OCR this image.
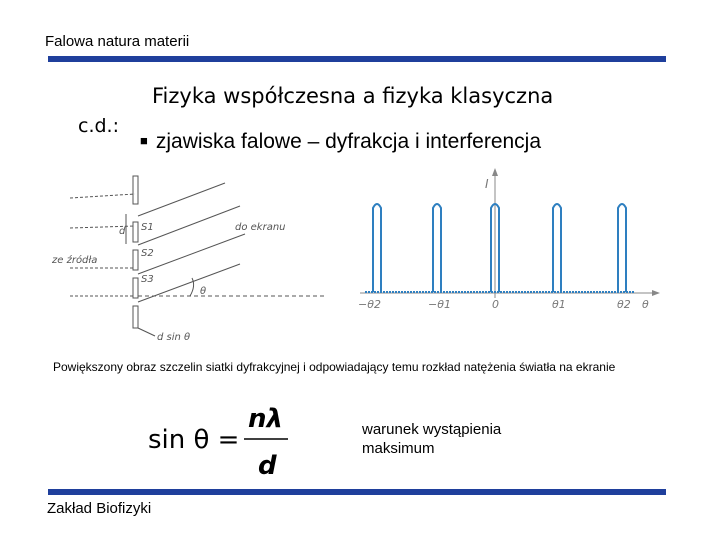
Falowa natura materii
Fizyka współczesna a fizyka klasyczna
c.d.:
■ zjawiska falowe – dyfrakcja i interferencja
ze źródła
do ekranu
S1
S2
S3
d
θ
d sin θ
I
−θ2	−θ1	0	θ1	θ2 θ
Powiększony obraz szczelin siatki dyfrakcyjnej i odpowiadający temu rozkład natężenia światła na ekranie
sin θ =
nλ
d
warunek wystąpienia
maksimum
Zakład Biofizyki
